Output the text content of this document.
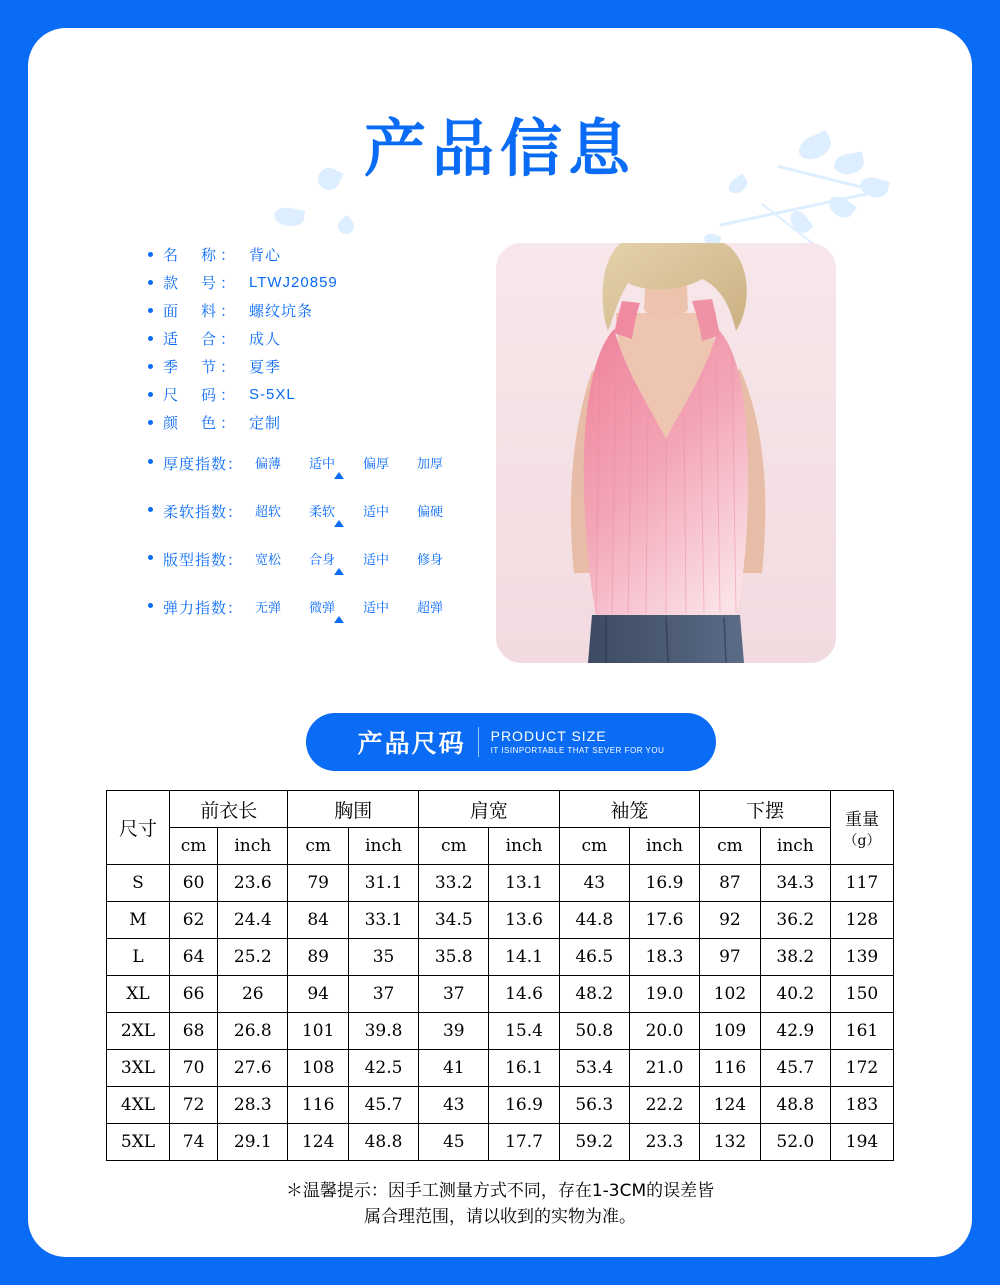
产品信息
名　称： 背心
款　号： LTWJ20859
面　料： 螺纹坑条
适　合： 成人
季　节： 夏季
尺　码： S-5XL
颜　色： 定制
厚度指数： 偏薄 适中 偏厚 加厚
柔软指数： 超软 柔软 适中 偏硬
版型指数： 宽松 合身 适中 修身
弹力指数： 无弹 微弹 适中 超弹
产品尺码 PRODUCT SIZE
IT ISINPORTABLE THAT SEVER FOR YOU
尺寸	前衣长		胸围		肩宽		袖笼		下摆		重量
（g）

	cm	inch	cm	inch	cm	inch	cm	inch	cm	inch	
S	60	23.6	79	31.1	33.2	13.1	43	16.9	87	34.3	117
M	62	24.4	84	33.1	34.5	13.6	44.8	17.6	92	36.2	128
L	64	25.2	89	35	35.8	14.1	46.5	18.3	97	38.2	139
XL	66	26	94	37	37	14.6	48.2	19.0	102	40.2	150
2XL	68	26.8	101	39.8	39	15.4	50.8	20.0	109	42.9	161
3XL	70	27.6	108	42.5	41	16.1	53.4	21.0	116	45.7	172
4XL	72	28.3	116	45.7	43	16.9	56.3	22.2	124	48.8	183
5XL	74	29.1	124	48.8	45	17.7	59.2	23.3	132	52.0	194
＊温馨提示：因手工测量方式不同，存在1-3CM的误差皆
属合理范围，请以收到的实物为准。
